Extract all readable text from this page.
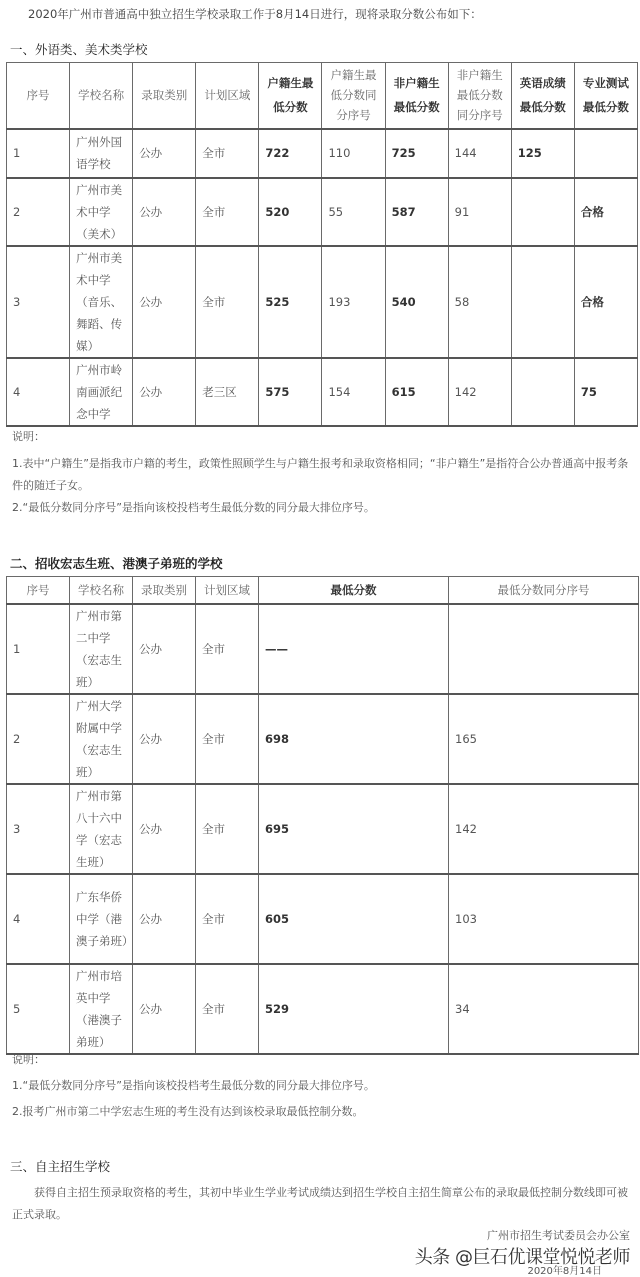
2020年广州市普通高中独立招生学校录取工作于8月14日进行，现将录取分数公布如下：
一、外语类、美术类学校
序号	学校名称	录取类别	计划区域	户籍生最低分数	户籍生最低分数同分序号	非户籍生最低分数	非户籍生最低分数同分序号	英语成绩最低分数	专业测试最低分数
1	广州外国语学校	公办	全市	722	110	725	144	125	
2	广州市美术中学（美术）	公办	全市	520	55	587	91		合格
3	广州市美术中学（音乐、舞蹈、传媒）	公办	全市	525	193	540	58		合格
4	广州市岭南画派纪念中学	公办	老三区	575	154	615	142		75
说明：
1.表中“户籍生”是指我市户籍的考生，政策性照顾学生与户籍生报考和录取资格相同；“非户籍生”是指符合公办普通高中报考条件的随迁子女。
2.“最低分数同分序号”是指向该校投档考生最低分数的同分最大排位序号。
二、招收宏志生班、港澳子弟班的学校
序号	学校名称	录取类别	计划区域	最低分数	最低分数同分序号
1	广州市第二中学（宏志生班）	公办	全市	——	
2	广州大学附属中学（宏志生班）	公办	全市	698	165
3	广州市第八十六中学（宏志生班）	公办	全市	695	142
4	广东华侨中学（港澳子弟班）	公办	全市	605	103
5	广州市培英中学（港澳子弟班）	公办	全市	529	34
说明：
1.“最低分数同分序号”是指向该校投档考生最低分数的同分最大排位序号。
2.报考广州市第二中学宏志生班的考生没有达到该校录取最低控制分数。
三、自主招生学校
获得自主招生预录取资格的考生，其初中毕业生学业考试成绩达到招生学校自主招生简章公布的录取最低控制分数线即可被正式录取。
广州市招生考试委员会办公室
头条 @巨石优课堂悦悦老师
2020年8月14日
